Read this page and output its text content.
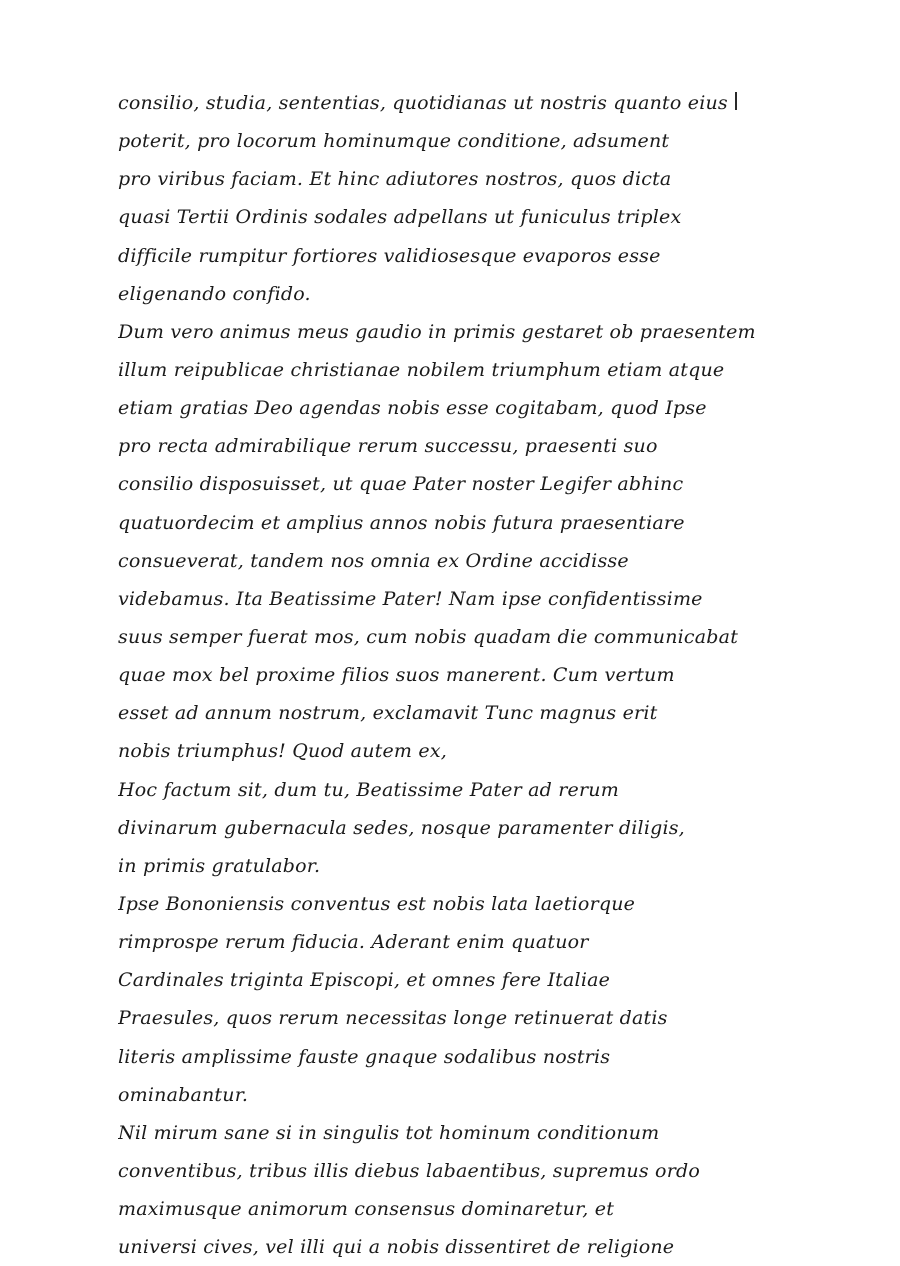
consilio, studia, sententias, quotidianas ut nostris quanto eius
poterit, pro locorum hominumque conditione, adsument
pro viribus faciam. Et hinc adiutores nostros, quos dicta
quasi Tertii Ordinis sodales adpellans ut funiculus triplex
difficile rumpitur fortiores validiosesque evaporos esse
eligenando confido.
Dum vero animus meus gaudio in primis gestaret ob praesentem
illum reipublicae christianae nobilem triumphum etiam atque
etiam gratias Deo agendas nobis esse cogitabam, quod Ipse
pro recta admirabilique rerum successu, praesenti suo
consilio disposuisset, ut quae Pater noster Legifer abhinc
quatuordecim et amplius annos nobis futura praesentiare
consueverat, tandem nos omnia ex Ordine accidisse
videbamus. Ita Beatissime Pater! Nam ipse confidentissime
suus semper fuerat mos, cum nobis quadam die communicabat
quae mox bel proxime filios suos manerent. Cum vertum
esset ad annum nostrum, exclamavit Tunc magnus erit
nobis triumphus! Quod autem ex,
Hoc factum sit, dum tu, Beatissime Pater ad rerum
divinarum gubernacula sedes, nosque paramenter diligis,
in primis gratulabor.
Ipse Bononiensis conventus est nobis lata laetiorque
rimprospe rerum fiducia. Aderant enim quatuor
Cardinales triginta Episcopi, et omnes fere Italiae
Praesules, quos rerum necessitas longe retinuerat datis
literis amplissime fauste gnaque sodalibus nostris
ominabantur.
Nil mirum sane si in singulis tot hominum conditionum
conventibus, tribus illis diebus labaentibus, supremus ordo
maximusque animorum consensus dominaretur, et
universi cives, vel illi qui a nobis dissentiret de religione
